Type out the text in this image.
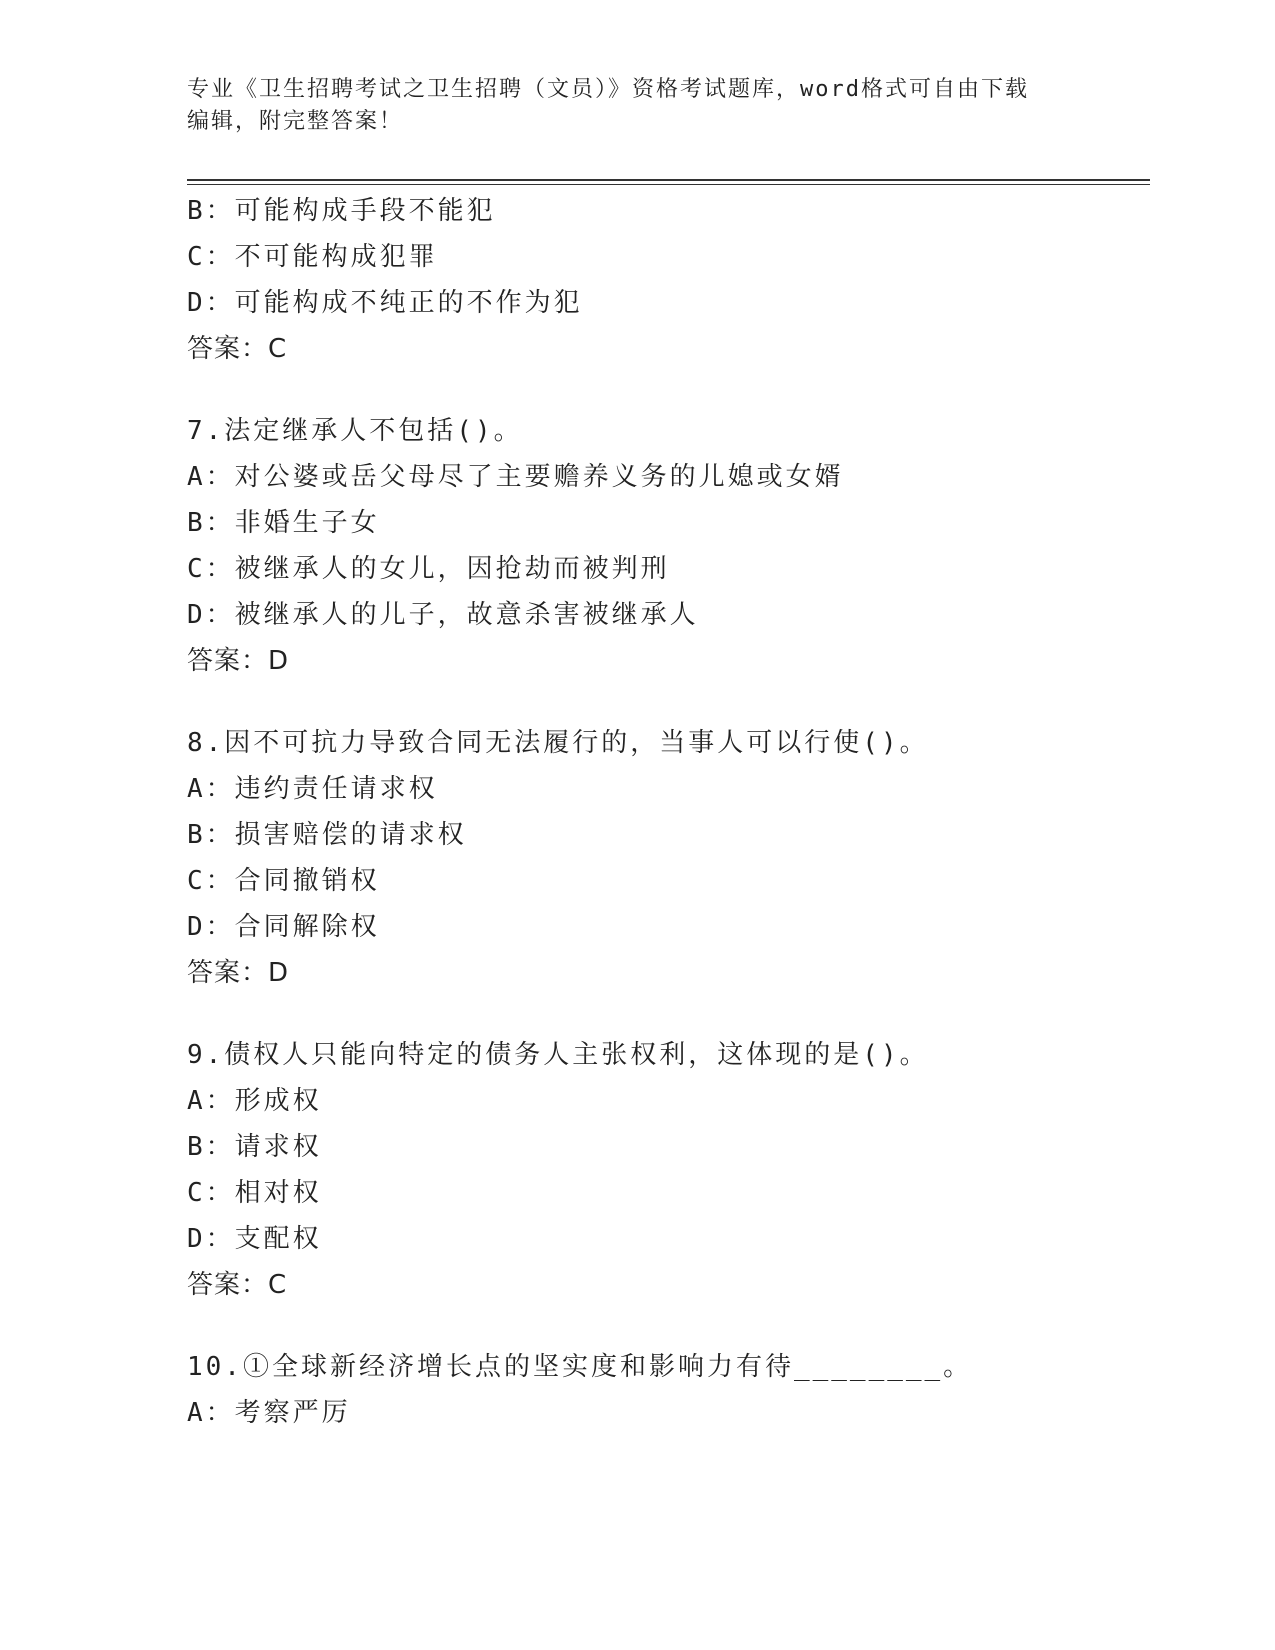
专业《卫生招聘考试之卫生招聘（文员）》资格考试题库，word格式可自由下载
编辑，附完整答案！
B：可能构成手段不能犯
C：不可能构成犯罪
D：可能构成不纯正的不作为犯
答案：C
7.法定继承人不包括()。
A：对公婆或岳父母尽了主要赡养义务的儿媳或女婿
B：非婚生子女
C：被继承人的女儿，因抢劫而被判刑
D：被继承人的儿子，故意杀害被继承人
答案：D
8.因不可抗力导致合同无法履行的，当事人可以行使()。
A：违约责任请求权
B：损害赔偿的请求权
C：合同撤销权
D：合同解除权
答案：D
9.债权人只能向特定的债务人主张权利，这体现的是()。
A：形成权
B：请求权
C：相对权
D：支配权
答案：C
10.①全球新经济增长点的坚实度和影响力有待________。
A：考察严厉
